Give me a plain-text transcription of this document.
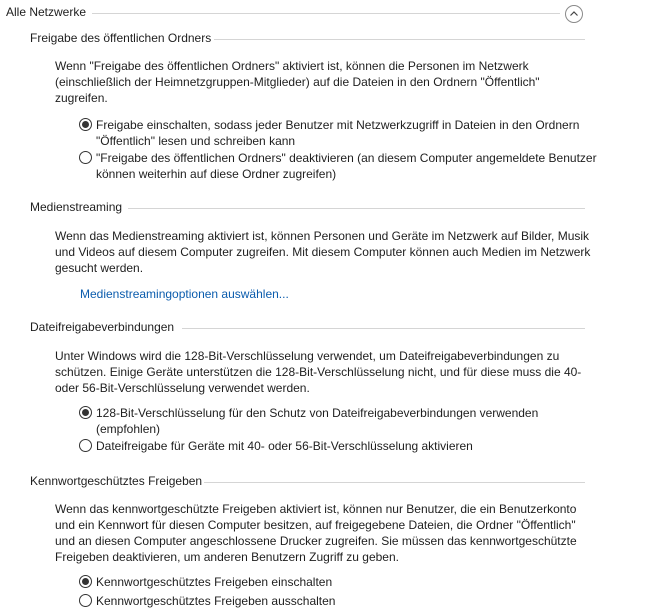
Alle Netzwerke
Freigabe des öffentlichen Ordners
Wenn "Freigabe des öffentlichen Ordners" aktiviert ist, können die Personen im Netzwerk (einschließlich der Heimnetzgruppen-Mitglieder) auf die Dateien in den Ordnern "Öffentlich" zugreifen.
Freigabe einschalten, sodass jeder Benutzer mit Netzwerkzugriff in Dateien in den Ordnern "Öffentlich" lesen und schreiben kann
"Freigabe des öffentlichen Ordners" deaktivieren (an diesem Computer angemeldete Benutzer können weiterhin auf diese Ordner zugreifen)
Medienstreaming
Wenn das Medienstreaming aktiviert ist, können Personen und Geräte im Netzwerk auf Bilder, Musik und Videos auf diesem Computer zugreifen. Mit diesem Computer können auch Medien im Netzwerk gesucht werden.
Medienstreamingoptionen auswählen...
Dateifreigabeverbindungen
Unter Windows wird die 128-Bit-Verschlüsselung verwendet, um Dateifreigabeverbindungen zu schützen. Einige Geräte unterstützen die 128-Bit-Verschlüsselung nicht, und für diese muss die 40- oder 56-Bit-Verschlüsselung verwendet werden.
128-Bit-Verschlüsselung für den Schutz von Dateifreigabeverbindungen verwenden (empfohlen)
Dateifreigabe für Geräte mit 40- oder 56-Bit-Verschlüsselung aktivieren
Kennwortgeschütztes Freigeben
Wenn das kennwortgeschützte Freigeben aktiviert ist, können nur Benutzer, die ein Benutzerkonto und ein Kennwort für diesen Computer besitzen, auf freigegebene Dateien, die Ordner "Öffentlich" und an diesen Computer angeschlossene Drucker zugreifen. Sie müssen das kennwortgeschützte Freigeben deaktivieren, um anderen Benutzern Zugriff zu geben.
Kennwortgeschütztes Freigeben einschalten
Kennwortgeschütztes Freigeben ausschalten
